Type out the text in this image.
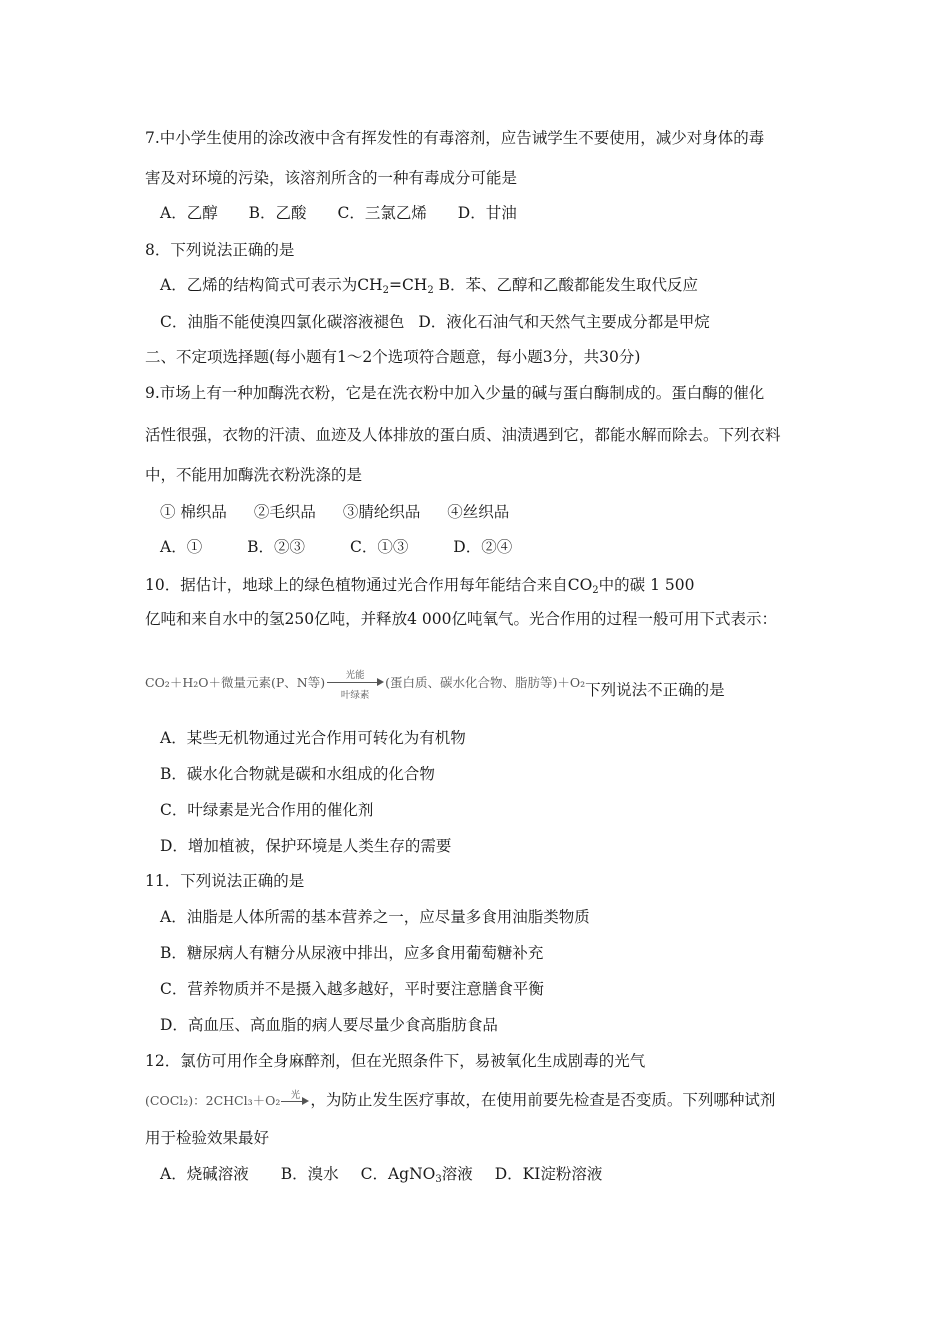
7.中小学生使用的涂改液中含有挥发性的有毒溶剂，应告诫学生不要使用，减少对身体的毒
害及对环境的污染，该溶剂所含的一种有毒成分可能是
A．乙醇 B．乙酸 C．三氯乙烯 D．甘油
8．下列说法正确的是
A．乙烯的结构简式可表示为$CH_2=CH_2$ B．苯、乙醇和乙酸都能发生取代反应
C．油脂不能使溴四氯化碳溶液褪色 D．液化石油气和天然气主要成分都是甲烷
二、不定项选择题(每小题有1～2个选项符合题意，每小题3分，共30分)
9.市场上有一种加酶洗衣粉，它是在洗衣粉中加入少量的碱与蛋白酶制成的。蛋白酶的催化
活性很强，衣物的汗渍、血迹及人体排放的蛋白质、油渍遇到它，都能水解而除去。下列衣料
中，不能用加酶洗衣粉洗涤的是
① 棉织品 ②毛织品 ③腈纶织品 ④丝织品
A．①	B．②③	C．①③	D．②④
10．据估计，地球上的绿色植物通过光合作用每年能结合来自$CO_2$中的碳 1 500
亿吨和来自水中的氢250亿吨，并释放4 000亿吨氧气。光合作用的过程一般可用下式表示：
CO₂＋H₂O＋微量元素(P、N等)	光能
叶绿素
(蛋白质、碳水化合物、脂肪等)＋O₂下列说法不正确的是
A．某些无机物通过光合作用可转化为有机物
B．碳水化合物就是碳和水组成的化合物
C．叶绿素是光合作用的催化剂
D．增加植被，保护环境是人类生存的需要
11．下列说法正确的是
A．油脂是人体所需的基本营养之一，应尽量多食用油脂类物质
B．糖尿病人有糖分从尿液中排出，应多食用葡萄糖补充
C．营养物质并不是摄入越多越好，平时要注意膳食平衡
D．高血压、高血脂的病人要尽量少食高脂肪食品
12．氯仿可用作全身麻醉剂，但在光照条件下，易被氧化生成剧毒的光气
(COCl₂)：2CHCl₃＋O₂	光 ，为防止发生医疗事故，在使用前要先检查是否变质。下列哪种试剂
用于检验效果最好
A．烧碱溶液 B．溴水 C．AgNO$_3$溶液 D．KI淀粉溶液
